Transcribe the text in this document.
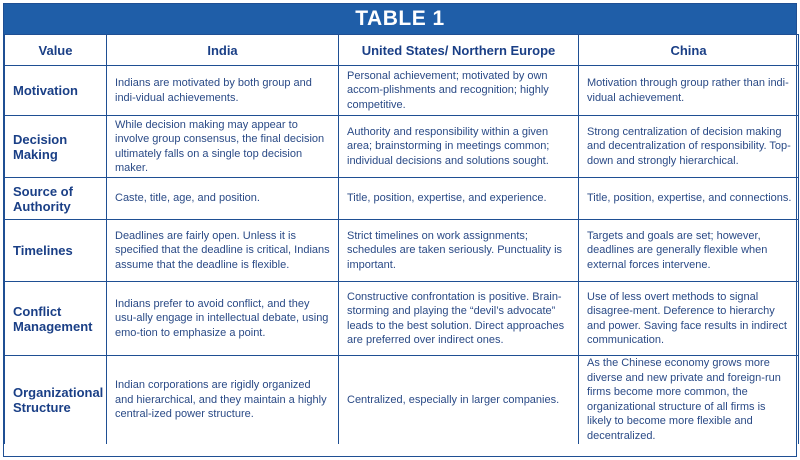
TABLE 1
Value	India	United States/ Northern Europe	China
Motivation	Indians are motivated by both group and indi-vidual achievements.	Personal achievement; motivated by own accom-plishments and recognition; highly competitive.	Motivation through group rather than indi-vidual achievement.
Decision Making	While decision making may appear to involve group consensus, the final decision ultimately falls on a single top decision maker.	Authority and responsibility within a given area; brainstorming in meetings common; individual decisions and solutions sought.	Strong centralization of decision making and decentralization of responsibility. Top-down and strongly hierarchical.
Source of Authority	Caste, title, age, and position.	Title, position, expertise, and experience.	Title, position, expertise, and connections.
Timelines	Deadlines are fairly open. Unless it is specified that the deadline is critical, Indians assume that the deadline is flexible.	Strict timelines on work assignments; schedules are taken seriously. Punctuality is important.	Targets and goals are set; however, deadlines are generally flexible when external forces intervene.
Conflict Management	Indians prefer to avoid conflict, and they usu-ally engage in intellectual debate, using emo-tion to emphasize a point.	Constructive confrontation is positive. Brain-storming and playing the “devil’s advocate” leads to the best solution. Direct approaches are preferred over indirect ones.	Use of less overt methods to signal disagree-ment. Deference to hierarchy and power. Saving face results in indirect communication.
Organizational Structure	Indian corporations are rigidly organized and hierarchical, and they maintain a highly central-ized power structure.	Centralized, especially in larger companies.	As the Chinese economy grows more diverse and new private and foreign-run firms become more common, the organizational structure of all firms is likely to become more flexible and decentralized.
